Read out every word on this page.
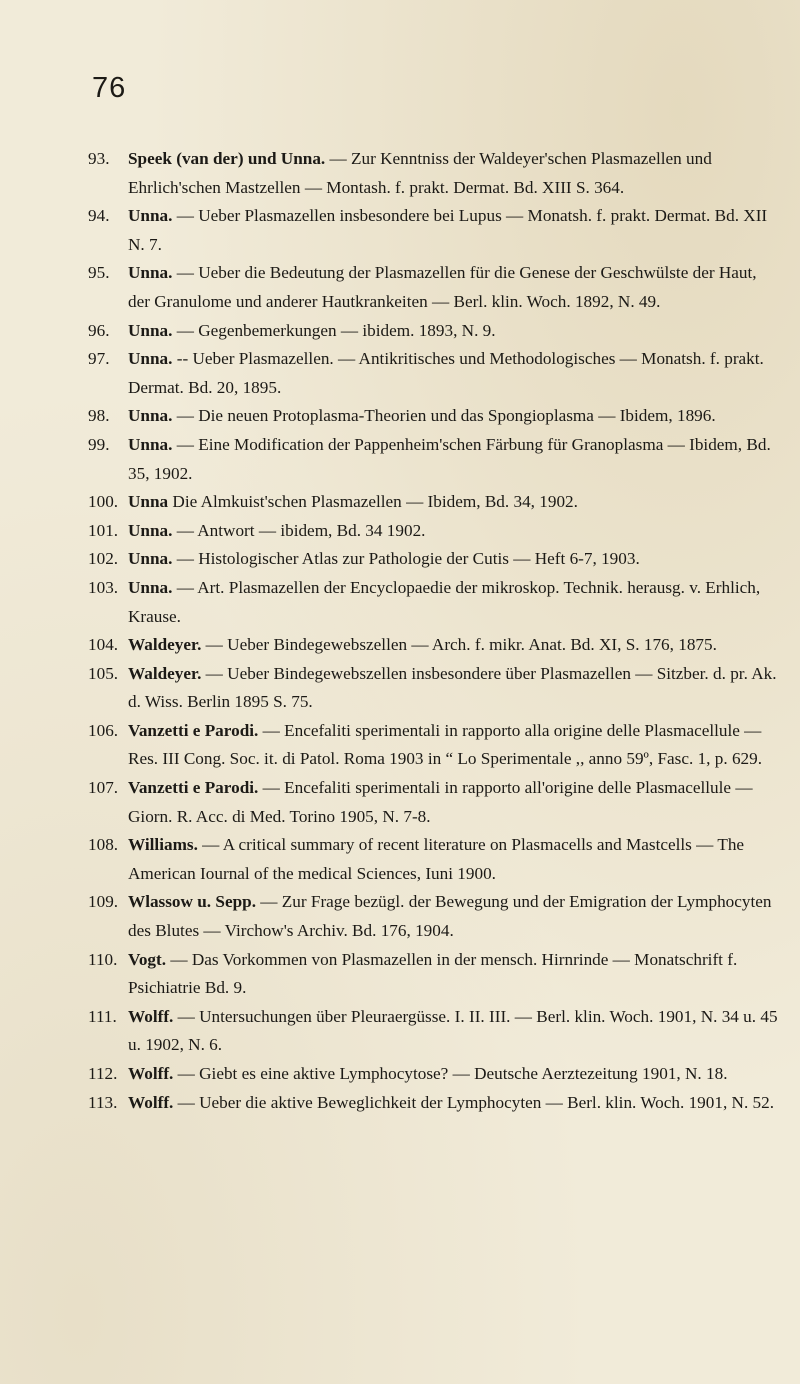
76
93.	Speek (van der) und Unna. — Zur Kenntniss der Waldeyer'schen Plasmazellen und Ehrlich'schen Mastzellen — Montash. f. prakt. Dermat. Bd. XIII S. 364.
94.	Unna. — Ueber Plasmazellen insbesondere bei Lupus — Monatsh. f. prakt. Dermat. Bd. XII N. 7.
95.	Unna. — Ueber die Bedeutung der Plasmazellen für die Genese der Geschwülste der Haut, der Granulome und anderer Hautkrankeiten — Berl. klin. Woch. 1892, N. 49.
96.	Unna. — Gegenbemerkungen — ibidem. 1893, N. 9.
97.	Unna. -- Ueber Plasmazellen. — Antikritisches und Methodologisches — Monatsh. f. prakt. Dermat. Bd. 20, 1895.
98.	Unna. — Die neuen Protoplasma-Theorien und das Spongioplasma — Ibidem, 1896.
99.	Unna. — Eine Modification der Pappenheim'schen Färbung für Granoplasma — Ibidem, Bd. 35, 1902.
100. Unna Die Almkuist'schen Plasmazellen — Ibidem, Bd. 34, 1902.
101. Unna. — Antwort — ibidem, Bd. 34 1902.
102. Unna. — Histologischer Atlas zur Pathologie der Cutis — Heft 6-7, 1903.
103. Unna. — Art. Plasmazellen der Encyclopaedie der mikroskop. Technik. herausg. v. Erhlich, Krause.
104. Waldeyer. — Ueber Bindegewebszellen — Arch. f. mikr. Anat. Bd. XI, S. 176, 1875.
105. Waldeyer. — Ueber Bindegewebszellen insbesondere über Plasmazellen — Sitzber. d. pr. Ak. d. Wiss. Berlin 1895 S. 75.
106. Vanzetti e Parodi. — Encefaliti sperimentali in rapporto alla origine delle Plasmacellule — Res. III Cong. Soc. it. di Patol. Roma 1903 in “ Lo Sperimentale ,, anno 59º, Fasc. 1, p. 629.
107. Vanzetti e Parodi. — Encefaliti sperimentali in rapporto all'origine delle Plasmacellule — Giorn. R. Acc. di Med. Torino 1905, N. 7-8.
108. Williams. — A critical summary of recent literature on Plasmacells and Mastcells — The American Iournal of the medical Sciences, Iuni 1900.
109. Wlassow u. Sepp. — Zur Frage bezügl. der Bewegung und der Emigration der Lymphocyten des Blutes — Virchow's Archiv. Bd. 176, 1904.
110. Vogt. — Das Vorkommen von Plasmazellen in der mensch. Hirnrinde — Monatschrift f. Psichiatrie Bd. 9.
111. Wolff. — Untersuchungen über Pleuraergüsse. I. II. III. — Berl. klin. Woch. 1901, N. 34 u. 45 u. 1902, N. 6.
112. Wolff. — Giebt es eine aktive Lymphocytose? — Deutsche Aerztezeitung 1901, N. 18.
113. Wolff. — Ueber die aktive Beweglichkeit der Lymphocyten — Berl. klin. Woch. 1901, N. 52.
